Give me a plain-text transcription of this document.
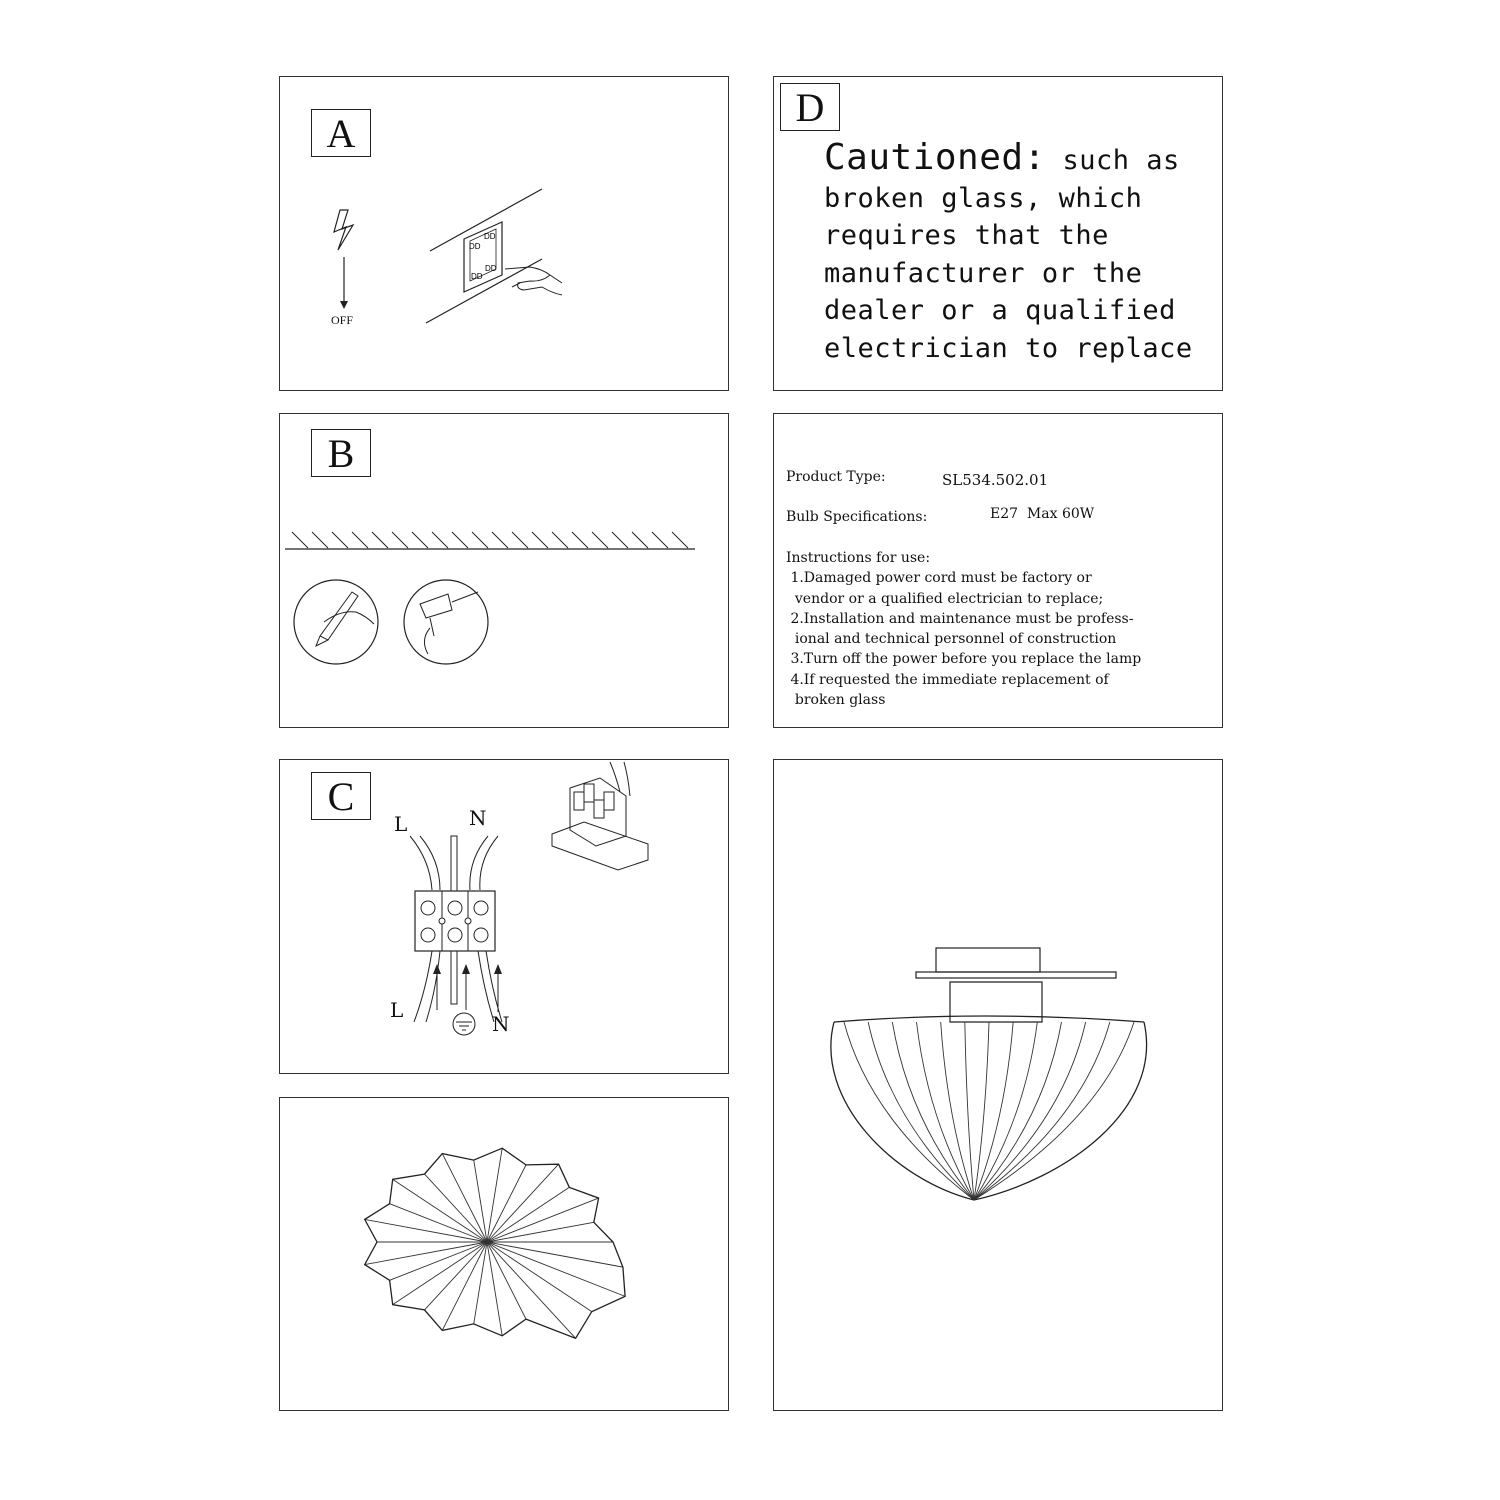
A
DD
DD
DD
DD
OFF
D
Cautioned: such as
broken glass, which
requires that the
manufacturer or the
dealer or a qualified
electrician to replace
B
Product Type:	SL534.502.01
Bulb Specifications:	E27  Max 60W
Instructions for use:
1.Damaged power cord must be factory or
vendor or a qualified electrician to replace;
2.Installation and maintenance must be profess-
ional and technical personnel of construction
3.Turn off the power before you replace the lamp
4.If requested the immediate replacement of
broken glass
C
L	N
L
N
